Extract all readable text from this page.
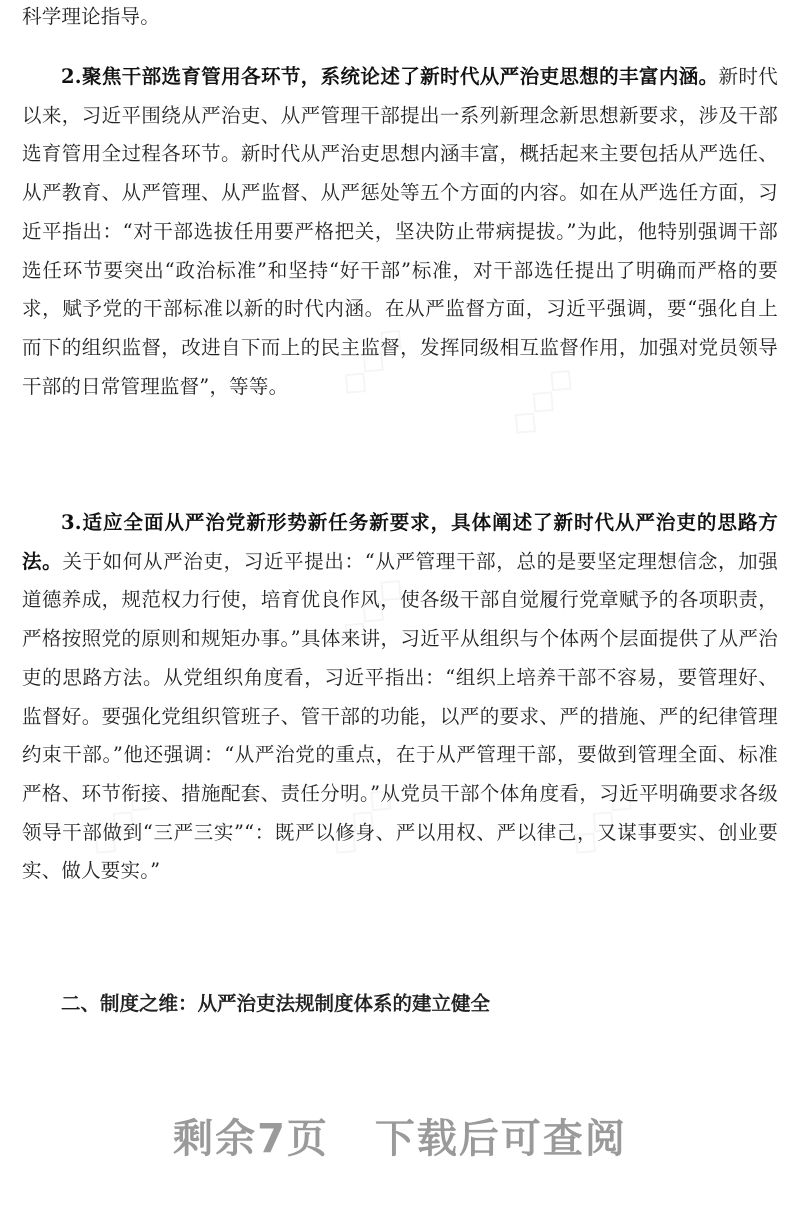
科学理论指导。

2.聚焦干部选育管用各环节，系统论述了新时代从严治吏思想的丰富内涵。新时代以来，习近平围绕从严治吏、从严管理干部提出一系列新理念新思想新要求，涉及干部选育管用全过程各环节。新时代从严治吏思想内涵丰富，概括起来主要包括从严选任、从严教育、从严管理、从严监督、从严惩处等五个方面的内容。如在从严选任方面，习近平指出：“对干部选拔任用要严格把关，坚决防止带病提拔。”为此，他特别强调干部选任环节要突出“政治标准”和坚持“好干部”标准，对干部选任提出了明确而严格的要求，赋予党的干部标准以新的时代内涵。在从严监督方面，习近平强调，要“强化自上而下的组织监督，改进自下而上的民主监督，发挥同级相互监督作用，加强对党员领导干部的日常管理监督”，等等。

3.适应全面从严治党新形势新任务新要求，具体阐述了新时代从严治吏的思路方法。关于如何从严治吏，习近平提出：“从严管理干部，总的是要坚定理想信念，加强道德养成，规范权力行使，培育优良作风，使各级干部自觉履行党章赋予的各项职责，严格按照党的原则和规矩办事。”具体来讲，习近平从组织与个体两个层面提供了从严治吏的思路方法。从党组织角度看，习近平指出：“组织上培养干部不容易，要管理好、监督好。要强化党组织管班子、管干部的功能，以严的要求、严的措施、严的纪律管理约束干部。”他还强调：“从严治党的重点，在于从严管理干部，要做到管理全面、标准严格、环节衔接、措施配套、责任分明。”从党员干部个体角度看，习近平明确要求各级领导干部做到“三严三实”“：既严以修身、严以用权、严以律己，又谋事要实、创业要实、做人要实。”

二、制度之维：从严治吏法规制度体系的建立健全

剩余7页 下载后可查阅
◇◇◇ ◇◇◇
◇◇◇
◇◇◇	◇◇◇	◇◇◇
